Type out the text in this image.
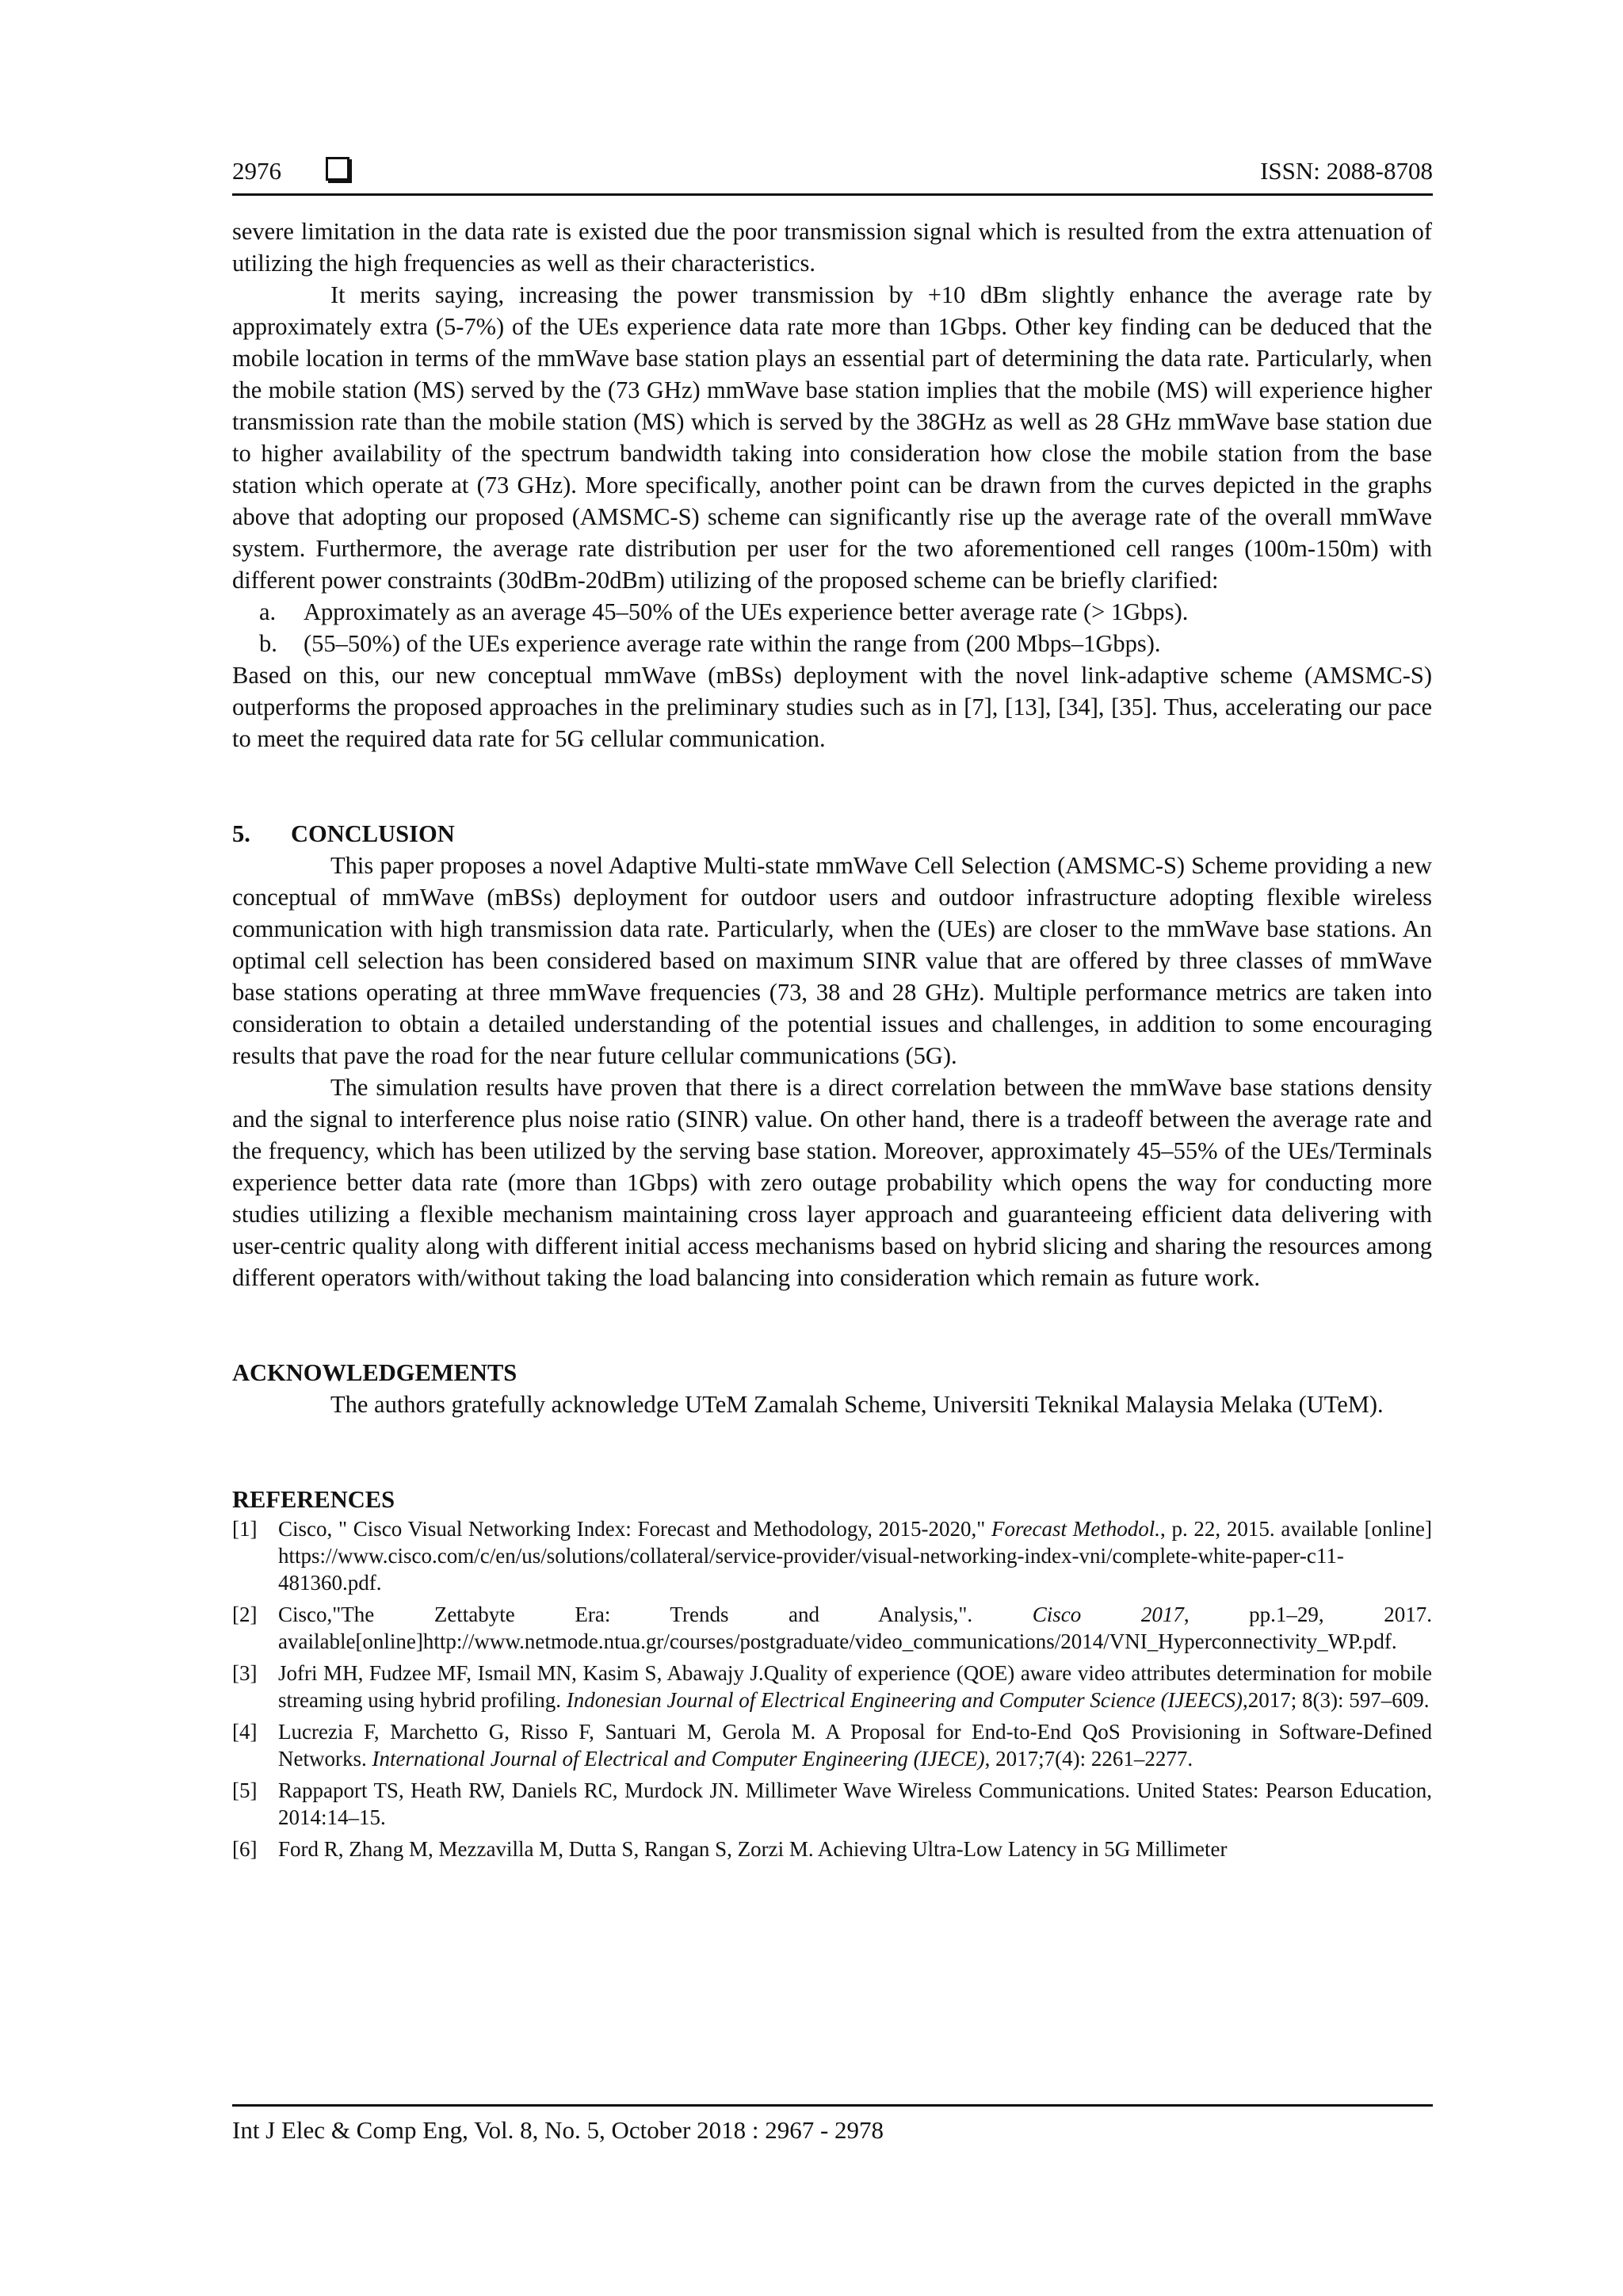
2976	ISSN: 2088-8708

severe limitation in the data rate is existed due the poor transmission signal which is resulted from the extra attenuation of utilizing the high frequencies as well as their characteristics.

It merits saying, increasing the power transmission by +10 dBm slightly enhance the average rate by approximately extra (5-7%) of the UEs experience data rate more than 1Gbps. Other key finding can be deduced that the mobile location in terms of the mmWave base station plays an essential part of determining the data rate. Particularly, when the mobile station (MS) served by the (73 GHz) mmWave base station implies that the mobile (MS) will experience higher transmission rate than the mobile station (MS) which is served by the 38GHz as well as 28 GHz mmWave base station due to higher availability of the spectrum bandwidth taking into consideration how close the mobile station from the base station which operate at (73 GHz). More specifically, another point can be drawn from the curves depicted in the graphs above that adopting our proposed (AMSMC-S) scheme can significantly rise up the average rate of the overall mmWave system. Furthermore, the average rate distribution per user for the two aforementioned cell ranges (100m-150m) with different power constraints (30dBm-20dBm) utilizing of the proposed scheme can be briefly clarified:

a. Approximately as an average 45–50% of the UEs experience better average rate (> 1Gbps).
b. (55–50%) of the UEs experience average rate within the range from (200 Mbps–1Gbps).

Based on this, our new conceptual mmWave (mBSs) deployment with the novel link-adaptive scheme (AMSMC-S) outperforms the proposed approaches in the preliminary studies such as in [7], [13], [34], [35]. Thus, accelerating our pace to meet the required data rate for 5G cellular communication.

5. CONCLUSION

This paper proposes a novel Adaptive Multi-state mmWave Cell Selection (AMSMC-S) Scheme providing a new conceptual of mmWave (mBSs) deployment for outdoor users and outdoor infrastructure adopting flexible wireless communication with high transmission data rate. Particularly, when the (UEs) are closer to the mmWave base stations. An optimal cell selection has been considered based on maximum SINR value that are offered by three classes of mmWave base stations operating at three mmWave frequencies (73, 38 and 28 GHz). Multiple performance metrics are taken into consideration to obtain a detailed understanding of the potential issues and challenges, in addition to some encouraging results that pave the road for the near future cellular communications (5G).

The simulation results have proven that there is a direct correlation between the mmWave base stations density and the signal to interference plus noise ratio (SINR) value. On other hand, there is a tradeoff between the average rate and the frequency, which has been utilized by the serving base station. Moreover, approximately 45–55% of the UEs/Terminals experience better data rate (more than 1Gbps) with zero outage probability which opens the way for conducting more studies utilizing a flexible mechanism maintaining cross layer approach and guaranteeing efficient data delivering with user-centric quality along with different initial access mechanisms based on hybrid slicing and sharing the resources among different operators with/without taking the load balancing into consideration which remain as future work.

ACKNOWLEDGEMENTS

The authors gratefully acknowledge UTeM Zamalah Scheme, Universiti Teknikal Malaysia Melaka (UTeM).

REFERENCES

[1] Cisco, " Cisco Visual Networking Index: Forecast and Methodology, 2015-2020," Forecast Methodol., p. 22, 2015. available [online] https://www.cisco.com/c/en/us/solutions/collateral/service-provider/visual-networking-index-vni/complete-white-paper-c11-481360.pdf.
[2] Cisco,"The Zettabyte Era: Trends and Analysis,". Cisco 2017, pp.1–29, 2017. available[online]http://www.netmode.ntua.gr/courses/postgraduate/video_communications/2014/VNI_Hyperconnectivity_WP.pdf.
[3] Jofri MH, Fudzee MF, Ismail MN, Kasim S, Abawajy J.Quality of experience (QOE) aware video attributes determination for mobile streaming using hybrid profiling. Indonesian Journal of Electrical Engineering and Computer Science (IJEECS),2017; 8(3): 597–609.
[4] Lucrezia F, Marchetto G, Risso F, Santuari M, Gerola M. A Proposal for End-to-End QoS Provisioning in Software-Defined Networks. International Journal of Electrical and Computer Engineering (IJECE), 2017;7(4): 2261–2277.
[5] Rappaport TS, Heath RW, Daniels RC, Murdock JN. Millimeter Wave Wireless Communications. United States: Pearson Education, 2014:14–15.
[6] Ford R, Zhang M, Mezzavilla M, Dutta S, Rangan S, Zorzi M. Achieving Ultra-Low Latency in 5G Millimeter
Int J Elec & Comp Eng, Vol. 8, No. 5, October 2018 : 2967 - 2978
